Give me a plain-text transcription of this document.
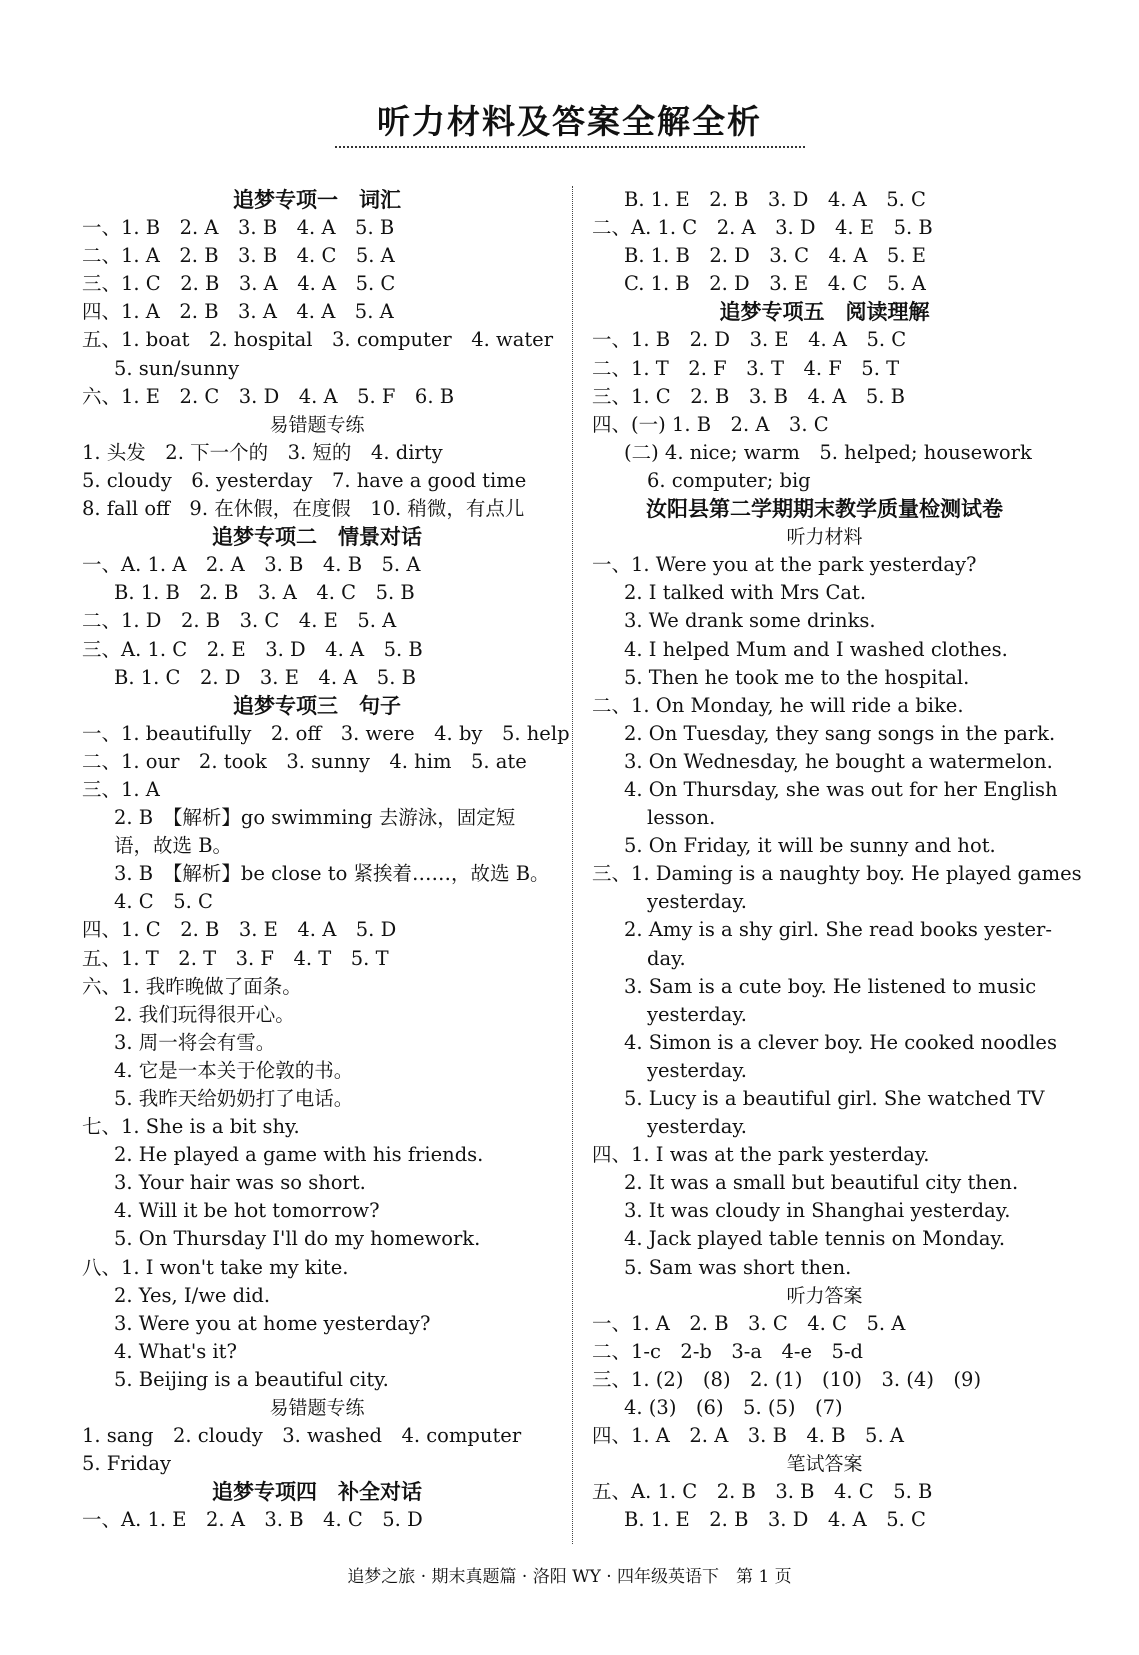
听力材料及答案全解全析
追梦专项一　词汇
一、1. B　2. A　3. B　4. A　5. B
二、1. A　2. B　3. B　4. C　5. A
三、1. C　2. B　3. A　4. A　5. C
四、1. A　2. B　3. A　4. A　5. A
五、1. boat　2. hospital　3. computer　4. water
5. sun/sunny
六、1. E　2. C　3. D　4. A　5. F　6. B
易错题专练
1. 头发　2. 下一个的　3. 短的　4. dirty
5. cloudy　6. yesterday　7. have a good time
8. fall off　9. 在休假，在度假　10. 稍微，有点儿
追梦专项二　情景对话
一、A. 1. A　2. A　3. B　4. B　5. A
B. 1. B　2. B　3. A　4. C　5. B
二、1. D　2. B　3. C　4. E　5. A
三、A. 1. C　2. E　3. D　4. A　5. B
B. 1. C　2. D　3. E　4. A　5. B
追梦专项三　句子
一、1. beautifully　2. off　3. were　4. by　5. help
二、1. our　2. took　3. sunny　4. him　5. ate
三、1. A
2. B　【解析】go swimming 去游泳，固定短
语，故选 B。
3. B　【解析】be close to 紧挨着……，故选 B。
4. C　5. C
四、1. C　2. B　3. E　4. A　5. D
五、1. T　2. T　3. F　4. T　5. T
六、1. 我昨晚做了面条。
2. 我们玩得很开心。
3. 周一将会有雪。
4. 它是一本关于伦敦的书。
5. 我昨天给奶奶打了电话。
七、1. She is a bit shy.
2. He played a game with his friends.
3. Your hair was so short.
4. Will it be hot tomorrow?
5. On Thursday I'll do my homework.
八、1. I won't take my kite.
2. Yes, I/we did.
3. Were you at home yesterday?
4. What's it?
5. Beijing is a beautiful city.
易错题专练
1. sang　2. cloudy　3. washed　4. computer
5. Friday
追梦专项四　补全对话
一、A. 1. E　2. A　3. B　4. C　5. D
B. 1. E　2. B　3. D　4. A　5. C
二、A. 1. C　2. A　3. D　4. E　5. B
B. 1. B　2. D　3. C　4. A　5. E
C. 1. B　2. D　3. E　4. C　5. A
追梦专项五　阅读理解
一、1. B　2. D　3. E　4. A　5. C
二、1. T　2. F　3. T　4. F　5. T
三、1. C　2. B　3. B　4. A　5. B
四、(一) 1. B　2. A　3. C
(二) 4. nice; warm　5. helped; housework
6. computer; big
汝阳县第二学期期末教学质量检测试卷
听力材料
一、1. Were you at the park yesterday?
2. I talked with Mrs Cat.
3. We drank some drinks.
4. I helped Mum and I washed clothes.
5. Then he took me to the hospital.
二、1. On Monday, he will ride a bike.
2. On Tuesday, they sang songs in the park.
3. On Wednesday, he bought a watermelon.
4. On Thursday, she was out for her English
lesson.
5. On Friday, it will be sunny and hot.
三、1. Daming is a naughty boy. He played games
yesterday.
2. Amy is a shy girl. She read books yester-
day.
3. Sam is a cute boy. He listened to music
yesterday.
4. Simon is a clever boy. He cooked noodles
yesterday.
5. Lucy is a beautiful girl. She watched TV
yesterday.
四、1. I was at the park yesterday.
2. It was a small but beautiful city then.
3. It was cloudy in Shanghai yesterday.
4. Jack played table tennis on Monday.
5. Sam was short then.
听力答案
一、1. A　2. B　3. C　4. C　5. A
二、1-c　2-b　3-a　4-e　5-d
三、1. (2)　(8)　2. (1)　(10)　3. (4)　(9)
4. (3)　(6)　5. (5)　(7)
四、1. A　2. A　3. B　4. B　5. A
笔试答案
五、A. 1. C　2. B　3. B　4. C　5. B
B. 1. E　2. B　3. D　4. A　5. C
追梦之旅 · 期末真题篇 · 洛阳 WY · 四年级英语下　第 1 页
